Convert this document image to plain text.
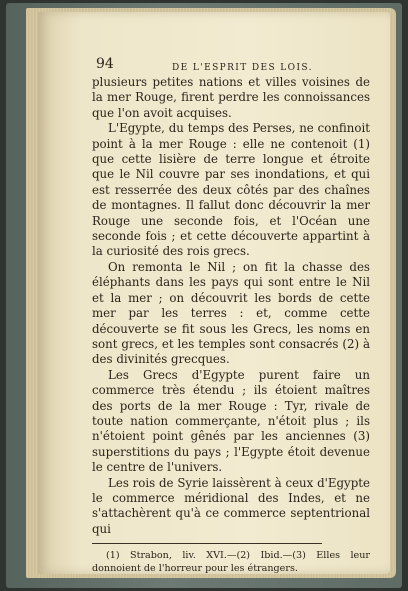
94	DE L'ESPRIT DES LOIS.

plusieurs petites nations et villes voisines de la mer Rouge, firent perdre les connoissances que l'on avoit acquises.

L'Egypte, du temps des Perses, ne confinoit point à la mer Rouge : elle ne contenoit (1) que cette lisière de terre longue et étroite que le Nil couvre par ses inondations, et qui est resserrée des deux côtés par des chaînes de montagnes. Il fallut donc découvrir la mer Rouge une seconde fois, et l'Océan une seconde fois ; et cette découverte appartint à la curiosité des rois grecs.

On remonta le Nil ; on fit la chasse des éléphants dans les pays qui sont entre le Nil et la mer ; on découvrit les bords de cette mer par les terres : et, comme cette découverte se fit sous les Grecs, les noms en sont grecs, et les temples sont consacrés (2) à des divinités grecques.

Les Grecs d'Egypte purent faire un commerce très étendu ; ils étoient maîtres des ports de la mer Rouge : Tyr, rivale de toute nation commerçante, n'étoit plus ; ils n'étoient point gênés par les anciennes (3) superstitions du pays ; l'Egypte étoit devenue le centre de l'univers.

Les rois de Syrie laissèrent à ceux d'Egypte le commerce méridional des Indes, et ne s'attachèrent qu'à ce commerce septentrional qui

(1) Strabon, liv. XVI.—(2) Ibid.—(3) Elles leur donnoient de l'horreur pour les étrangers.
